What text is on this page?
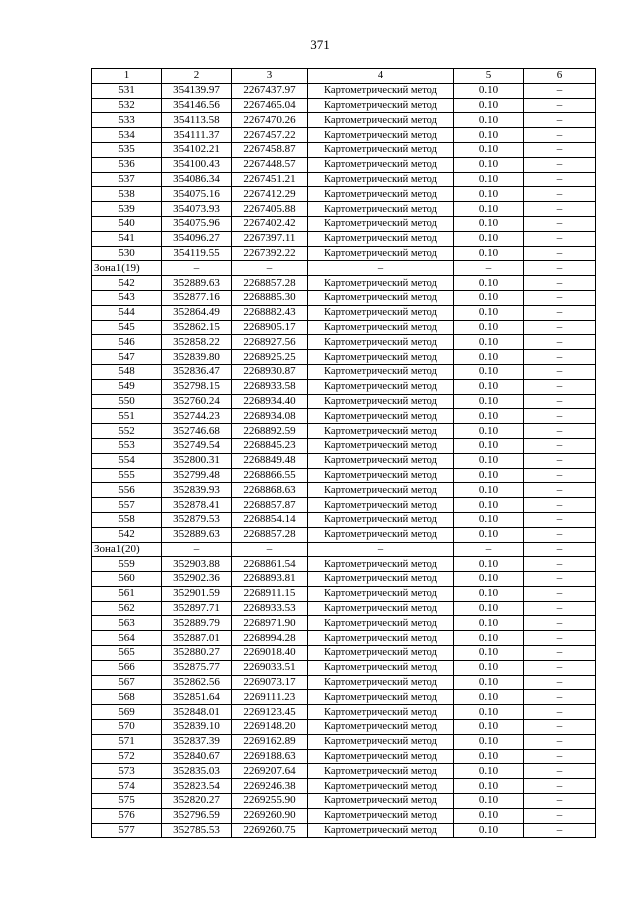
371
1	2	3	4	5	6
531	354139.97	2267437.97	Картометрический метод	0.10	–
532	354146.56	2267465.04	Картометрический метод	0.10	–
533	354113.58	2267470.26	Картометрический метод	0.10	–
534	354111.37	2267457.22	Картометрический метод	0.10	–
535	354102.21	2267458.87	Картометрический метод	0.10	–
536	354100.43	2267448.57	Картометрический метод	0.10	–
537	354086.34	2267451.21	Картометрический метод	0.10	–
538	354075.16	2267412.29	Картометрический метод	0.10	–
539	354073.93	2267405.88	Картометрический метод	0.10	–
540	354075.96	2267402.42	Картометрический метод	0.10	–
541	354096.27	2267397.11	Картометрический метод	0.10	–
530	354119.55	2267392.22	Картометрический метод	0.10	–
Зона1(19)	–	–	–	–	–
542	352889.63	2268857.28	Картометрический метод	0.10	–
543	352877.16	2268885.30	Картометрический метод	0.10	–
544	352864.49	2268882.43	Картометрический метод	0.10	–
545	352862.15	2268905.17	Картометрический метод	0.10	–
546	352858.22	2268927.56	Картометрический метод	0.10	–
547	352839.80	2268925.25	Картометрический метод	0.10	–
548	352836.47	2268930.87	Картометрический метод	0.10	–
549	352798.15	2268933.58	Картометрический метод	0.10	–
550	352760.24	2268934.40	Картометрический метод	0.10	–
551	352744.23	2268934.08	Картометрический метод	0.10	–
552	352746.68	2268892.59	Картометрический метод	0.10	–
553	352749.54	2268845.23	Картометрический метод	0.10	–
554	352800.31	2268849.48	Картометрический метод	0.10	–
555	352799.48	2268866.55	Картометрический метод	0.10	–
556	352839.93	2268868.63	Картометрический метод	0.10	–
557	352878.41	2268857.87	Картометрический метод	0.10	–
558	352879.53	2268854.14	Картометрический метод	0.10	–
542	352889.63	2268857.28	Картометрический метод	0.10	–
Зона1(20)	–	–	–	–	–
559	352903.88	2268861.54	Картометрический метод	0.10	–
560	352902.36	2268893.81	Картометрический метод	0.10	–
561	352901.59	2268911.15	Картометрический метод	0.10	–
562	352897.71	2268933.53	Картометрический метод	0.10	–
563	352889.79	2268971.90	Картометрический метод	0.10	–
564	352887.01	2268994.28	Картометрический метод	0.10	–
565	352880.27	2269018.40	Картометрический метод	0.10	–
566	352875.77	2269033.51	Картометрический метод	0.10	–
567	352862.56	2269073.17	Картометрический метод	0.10	–
568	352851.64	2269111.23	Картометрический метод	0.10	–
569	352848.01	2269123.45	Картометрический метод	0.10	–
570	352839.10	2269148.20	Картометрический метод	0.10	–
571	352837.39	2269162.89	Картометрический метод	0.10	–
572	352840.67	2269188.63	Картометрический метод	0.10	–
573	352835.03	2269207.64	Картометрический метод	0.10	–
574	352823.54	2269246.38	Картометрический метод	0.10	–
575	352820.27	2269255.90	Картометрический метод	0.10	–
576	352796.59	2269260.90	Картометрический метод	0.10	–
577	352785.53	2269260.75	Картометрический метод	0.10	–
